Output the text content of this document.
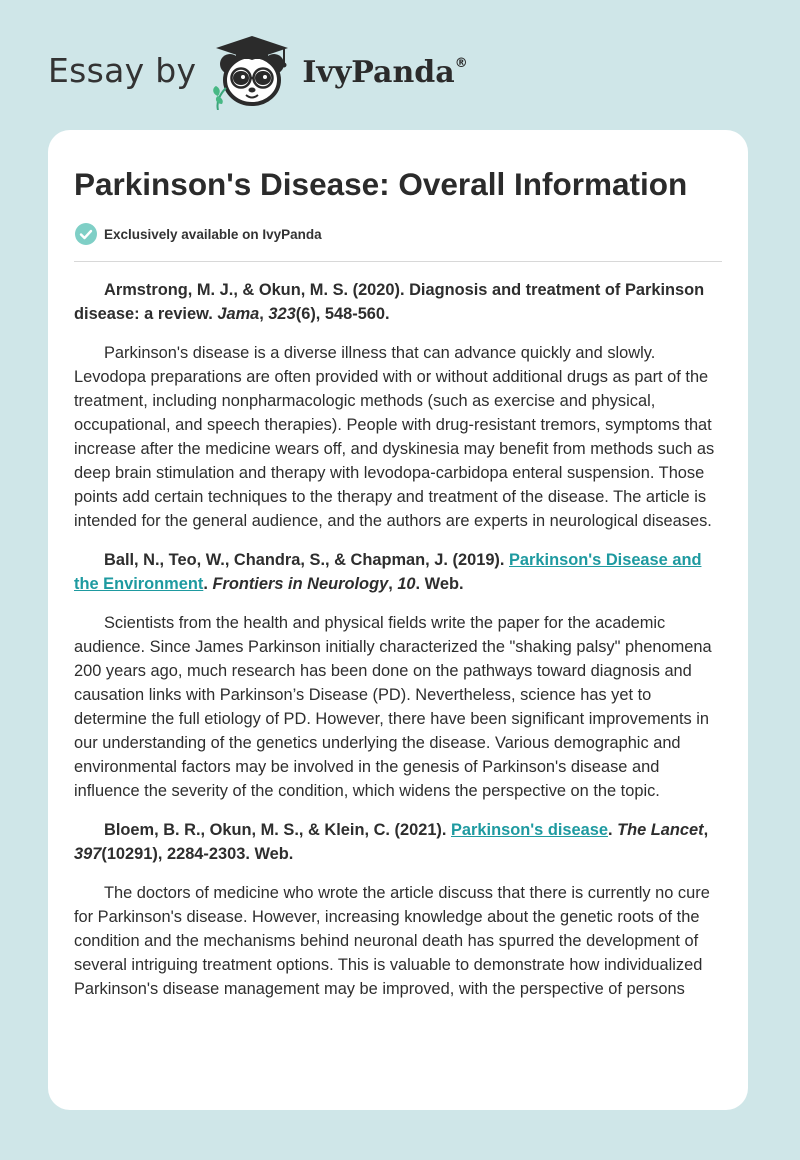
Essay by	IvyPanda®
Parkinson's Disease: Overall Information
Exclusively available on IvyPanda

Armstrong, M. J., & Okun, M. S. (2020). Diagnosis and treatment of Parkinson disease: a review. Jama, 323(6), 548-560.

Parkinson's disease is a diverse illness that can advance quickly and slowly. Levodopa preparations are often provided with or without additional drugs as part of the treatment, including nonpharmacologic methods (such as exercise and physical, occupational, and speech therapies). People with drug-resistant tremors, symptoms that increase after the medicine wears off, and dyskinesia may benefit from methods such as deep brain stimulation and therapy with levodopa-carbidopa enteral suspension. Those points add certain techniques to the therapy and treatment of the disease. The article is intended for the general audience, and the authors are experts in neurological diseases.

Ball, N., Teo, W., Chandra, S., & Chapman, J. (2019). Parkinson's Disease and the Environment. Frontiers in Neurology, 10. Web.

Scientists from the health and physical fields write the paper for the academic audience. Since James Parkinson initially characterized the "shaking palsy" phenomena 200 years ago, much research has been done on the pathways toward diagnosis and causation links with Parkinson’s Disease (PD). Nevertheless, science has yet to determine the full etiology of PD. However, there have been significant improvements in our understanding of the genetics underlying the disease. Various demographic and environmental factors may be involved in the genesis of Parkinson's disease and influence the severity of the condition, which widens the perspective on the topic.

Bloem, B. R., Okun, M. S., & Klein, C. (2021). Parkinson's disease. The Lancet, 397(10291), 2284-2303. Web.

The doctors of medicine who wrote the article discuss that there is currently no cure for Parkinson's disease. However, increasing knowledge about the genetic roots of the condition and the mechanisms behind neuronal death has spurred the development of several intriguing treatment options. This is valuable to demonstrate how individualized Parkinson's disease management may be improved, with the perspective of persons
